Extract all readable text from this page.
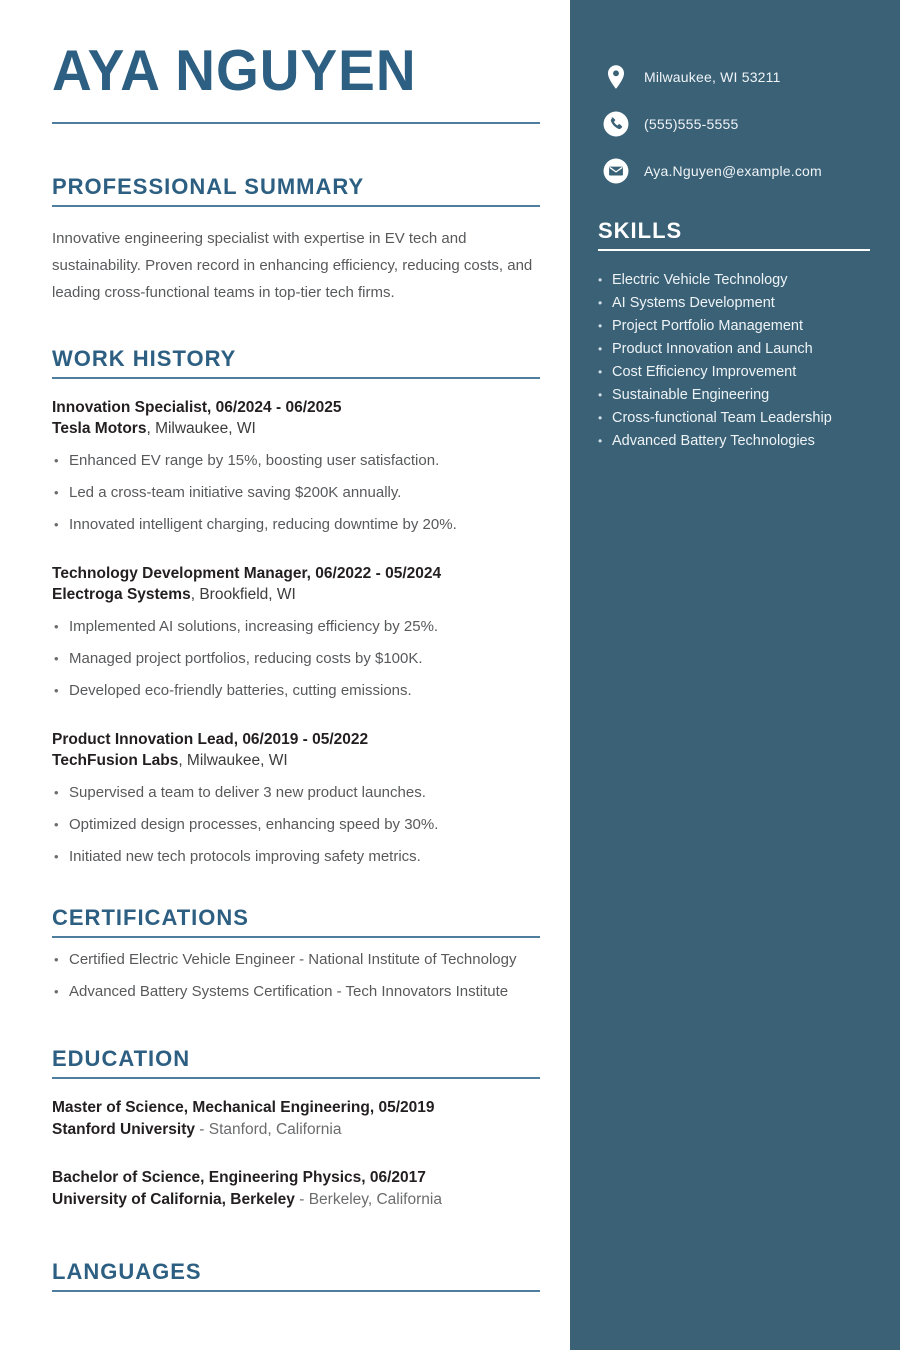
AYA NGUYEN
PROFESSIONAL SUMMARY

Innovative engineering specialist with expertise in EV tech and sustainability. Proven record in enhancing efficiency, reducing costs, and leading cross-functional teams in top-tier tech firms.

WORK HISTORY
Innovation Specialist, 06/2024 - 06/2025
Tesla Motors, Milwaukee, WI
• Enhanced EV range by 15%, boosting user satisfaction.
• Led a cross-team initiative saving $200K annually.
• Innovated intelligent charging, reducing downtime by 20%.
Technology Development Manager, 06/2022 - 05/2024
Electroga Systems, Brookfield, WI
• Implemented AI solutions, increasing efficiency by 25%.
• Managed project portfolios, reducing costs by $100K.
• Developed eco-friendly batteries, cutting emissions.
Product Innovation Lead, 06/2019 - 05/2022
TechFusion Labs, Milwaukee, WI
• Supervised a team to deliver 3 new product launches.
• Optimized design processes, enhancing speed by 30%.
• Initiated new tech protocols improving safety metrics.
CERTIFICATIONS
• Certified Electric Vehicle Engineer - National Institute of Technology
• Advanced Battery Systems Certification - Tech Innovators Institute
EDUCATION
Master of Science, Mechanical Engineering, 05/2019
Stanford University - Stanford, California
Bachelor of Science, Engineering Physics, 06/2017
University of California, Berkeley - Berkeley, California
LANGUAGES
Milwaukee, WI 53211
(555)555-5555
Aya.Nguyen@example.com
SKILLS
• Electric Vehicle Technology
• AI Systems Development
• Project Portfolio Management
• Product Innovation and Launch
• Cost Efficiency Improvement
• Sustainable Engineering
• Cross-functional Team Leadership
• Advanced Battery Technologies
